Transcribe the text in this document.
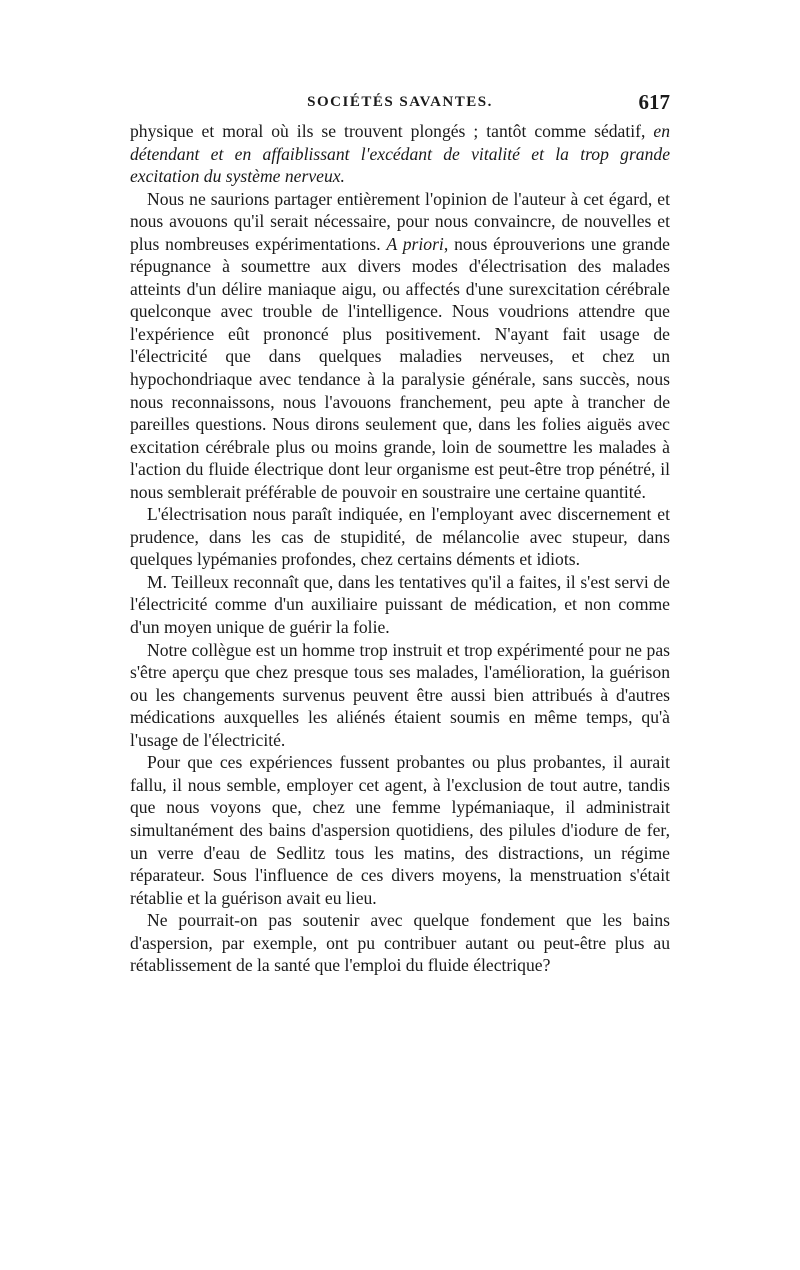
SOCIÉTÉS SAVANTES.	617

physique et moral où ils se trouvent plongés ; tantôt comme sédatif, en détendant et en affaiblissant l'excédant de vitalité et la trop grande excitation du système nerveux.

Nous ne saurions partager entièrement l'opinion de l'auteur à cet égard, et nous avouons qu'il serait nécessaire, pour nous convaincre, de nouvelles et plus nombreuses expérimentations. A priori, nous éprouverions une grande répugnance à soumettre aux divers modes d'électrisation des malades atteints d'un délire maniaque aigu, ou affectés d'une surexcitation cérébrale quelconque avec trouble de l'intelligence. Nous voudrions attendre que l'expérience eût prononcé plus positivement. N'ayant fait usage de l'électricité que dans quelques maladies nerveuses, et chez un hypochondriaque avec tendance à la paralysie générale, sans succès, nous nous reconnaissons, nous l'avouons franchement, peu apte à trancher de pareilles questions. Nous dirons seulement que, dans les folies aiguës avec excitation cérébrale plus ou moins grande, loin de soumettre les malades à l'action du fluide électrique dont leur organisme est peut-être trop pénétré, il nous semblerait préférable de pouvoir en soustraire une certaine quantité.

L'électrisation nous paraît indiquée, en l'employant avec discernement et prudence, dans les cas de stupidité, de mélancolie avec stupeur, dans quelques lypémanies profondes, chez certains déments et idiots.

M. Teilleux reconnaît que, dans les tentatives qu'il a faites, il s'est servi de l'électricité comme d'un auxiliaire puissant de médication, et non comme d'un moyen unique de guérir la folie.

Notre collègue est un homme trop instruit et trop expérimenté pour ne pas s'être aperçu que chez presque tous ses malades, l'amélioration, la guérison ou les changements survenus peuvent être aussi bien attribués à d'autres médications auxquelles les aliénés étaient soumis en même temps, qu'à l'usage de l'électricité.

Pour que ces expériences fussent probantes ou plus probantes, il aurait fallu, il nous semble, employer cet agent, à l'exclusion de tout autre, tandis que nous voyons que, chez une femme lypémaniaque, il administrait simultanément des bains d'aspersion quotidiens, des pilules d'iodure de fer, un verre d'eau de Sedlitz tous les matins, des distractions, un régime réparateur. Sous l'influence de ces divers moyens, la menstruation s'était rétablie et la guérison avait eu lieu.

Ne pourrait-on pas soutenir avec quelque fondement que les bains d'aspersion, par exemple, ont pu contribuer autant ou peut-être plus au rétablissement de la santé que l'emploi du fluide électrique?
